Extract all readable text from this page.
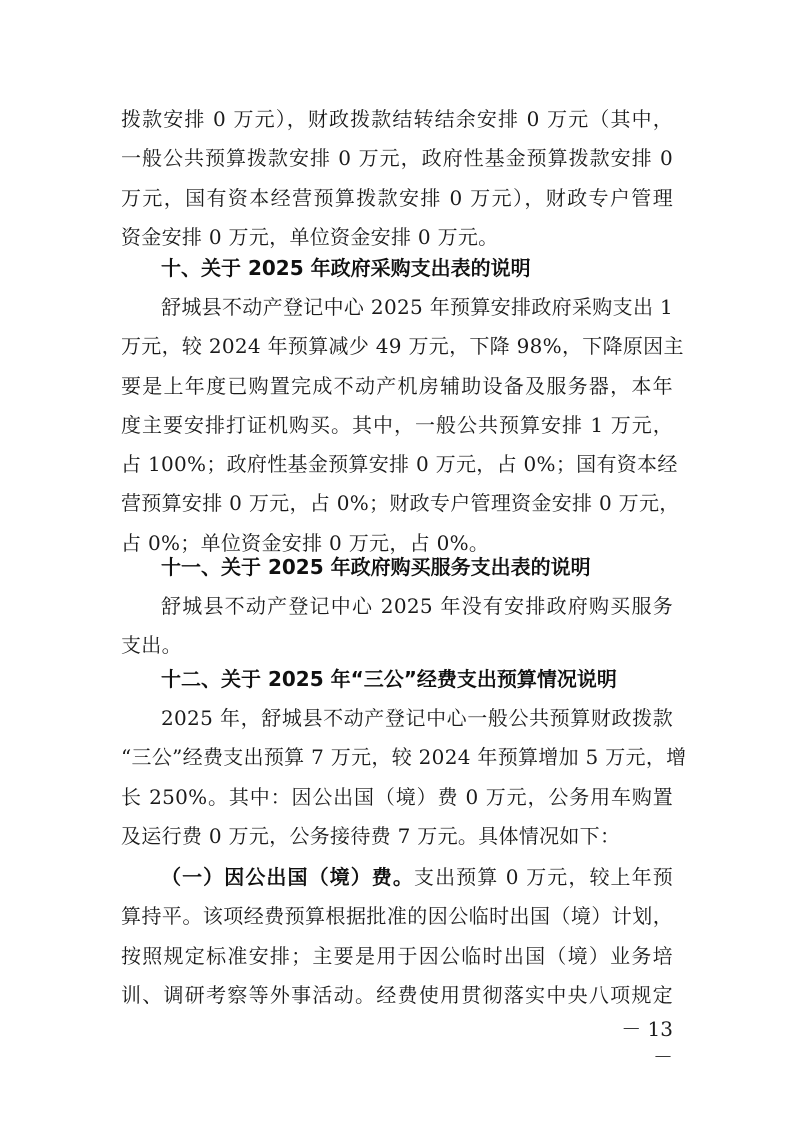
拨款安排 0 万元），财政拨款结转结余安排 0 万元（其中，
一般公共预算拨款安排 0 万元，政府性基金预算拨款安排 0
万元，国有资本经营预算拨款安排 0 万元），财政专户管理
资金安排 0 万元，单位资金安排 0 万元。
十、关于 2025 年政府采购支出表的说明
舒城县不动产登记中心 2025 年预算安排政府采购支出 1
万元，较 2024 年预算减少 49 万元，下降 98%，下降原因主
要是上年度已购置完成不动产机房辅助设备及服务器，本年
度主要安排打证机购买。其中，一般公共预算安排 1 万元，
占 100%；政府性基金预算安排 0 万元，占 0%；国有资本经
营预算安排 0 万元，占 0%；财政专户管理资金安排 0 万元，
占 0%；单位资金安排 0 万元，占 0%。
十一、关于 2025 年政府购买服务支出表的说明
舒城县不动产登记中心 2025 年没有安排政府购买服务
支出。
十二、关于 2025 年“三公”经费支出预算情况说明
2025 年，舒城县不动产登记中心一般公共预算财政拨款
“三公”经费支出预算 7 万元，较 2024 年预算增加 5 万元，增
长 250%。其中：因公出国（境）费 0 万元，公务用车购置
及运行费 0 万元，公务接待费 7 万元。具体情况如下：
（一）因公出国（境）费。支出预算 0 万元，较上年预
算持平。该项经费预算根据批准的因公临时出国（境）计划，
按照规定标准安排；主要是用于因公临时出国（境）业务培
训、调研考察等外事活动。经费使用贯彻落实中央八项规定
－ 13 －
